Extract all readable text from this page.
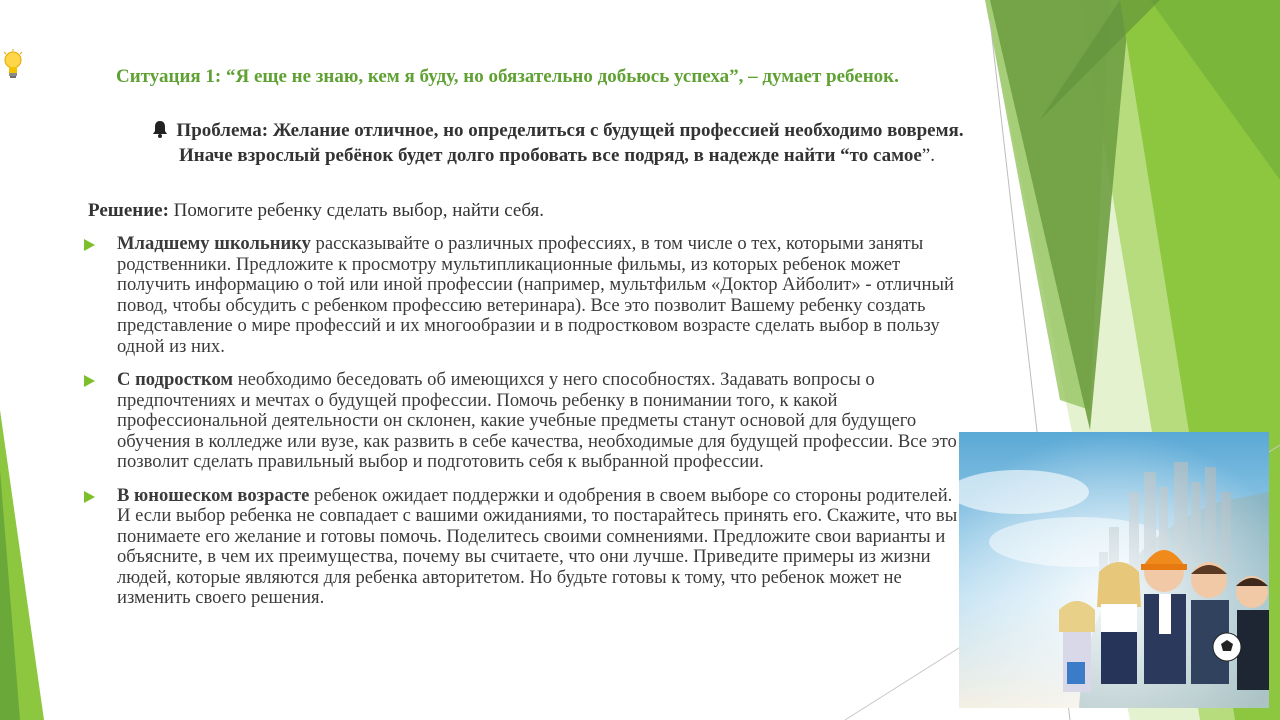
Ситуация 1: “Я еще не знаю, кем я буду, но обязательно добьюсь успеха”, – думает ребенок.
Проблема: Желание отличное, но определиться с будущей профессией необходимо вовремя. Иначе взрослый ребёнок будет долго пробовать все подряд, в надежде найти “то самое”.
Решение: Помогите ребенку сделать выбор, найти себя.
Младшему школьнику рассказывайте о различных профессиях, в том числе о тех, которыми заняты родственники. Предложите к просмотру мультипликационные фильмы, из которых ребенок может получить информацию о той или иной профессии (например, мультфильм «Доктор Айболит» - отличный повод, чтобы обсудить с ребенком профессию ветеринара). Все это позволит Вашему ребенку создать представление о мире профессий и их многообразии и в подростковом возрасте сделать выбор в пользу одной из них.
С подростком необходимо беседовать об имеющихся у него способностях. Задавать вопросы о предпочтениях и мечтах о будущей профессии. Помочь ребенку в понимании того, к какой профессиональной деятельности он склонен, какие учебные предметы станут основой для будущего обучения в колледже или вузе, как развить в себе качества, необходимые для будущей профессии. Все это позволит сделать правильный выбор и подготовить себя к выбранной профессии.
В юношеском возрасте ребенок ожидает поддержки и одобрения в своем выборе со стороны родителей. И если выбор ребенка не совпадает с вашими ожиданиями, то постарайтесь принять его. Скажите, что вы понимаете его желание и готовы помочь. Поделитесь своими сомнениями. Предложите свои варианты и объясните, в чем их преимущества, почему вы считаете, что они лучше. Приведите примеры из жизни людей, которые являются для ребенка авторитетом. Но будьте готовы к тому, что ребенок может не изменить своего решения.
